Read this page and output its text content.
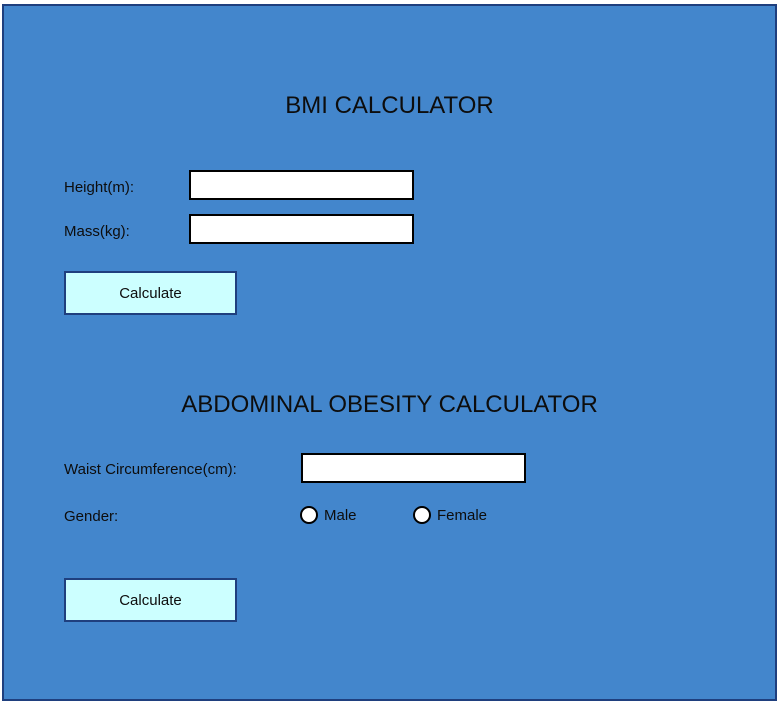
BMI CALCULATOR
Height(m):
Mass(kg):
Calculate
ABDOMINAL OBESITY CALCULATOR
Waist Circumference(cm):
Gender:	Male	Female
Calculate
